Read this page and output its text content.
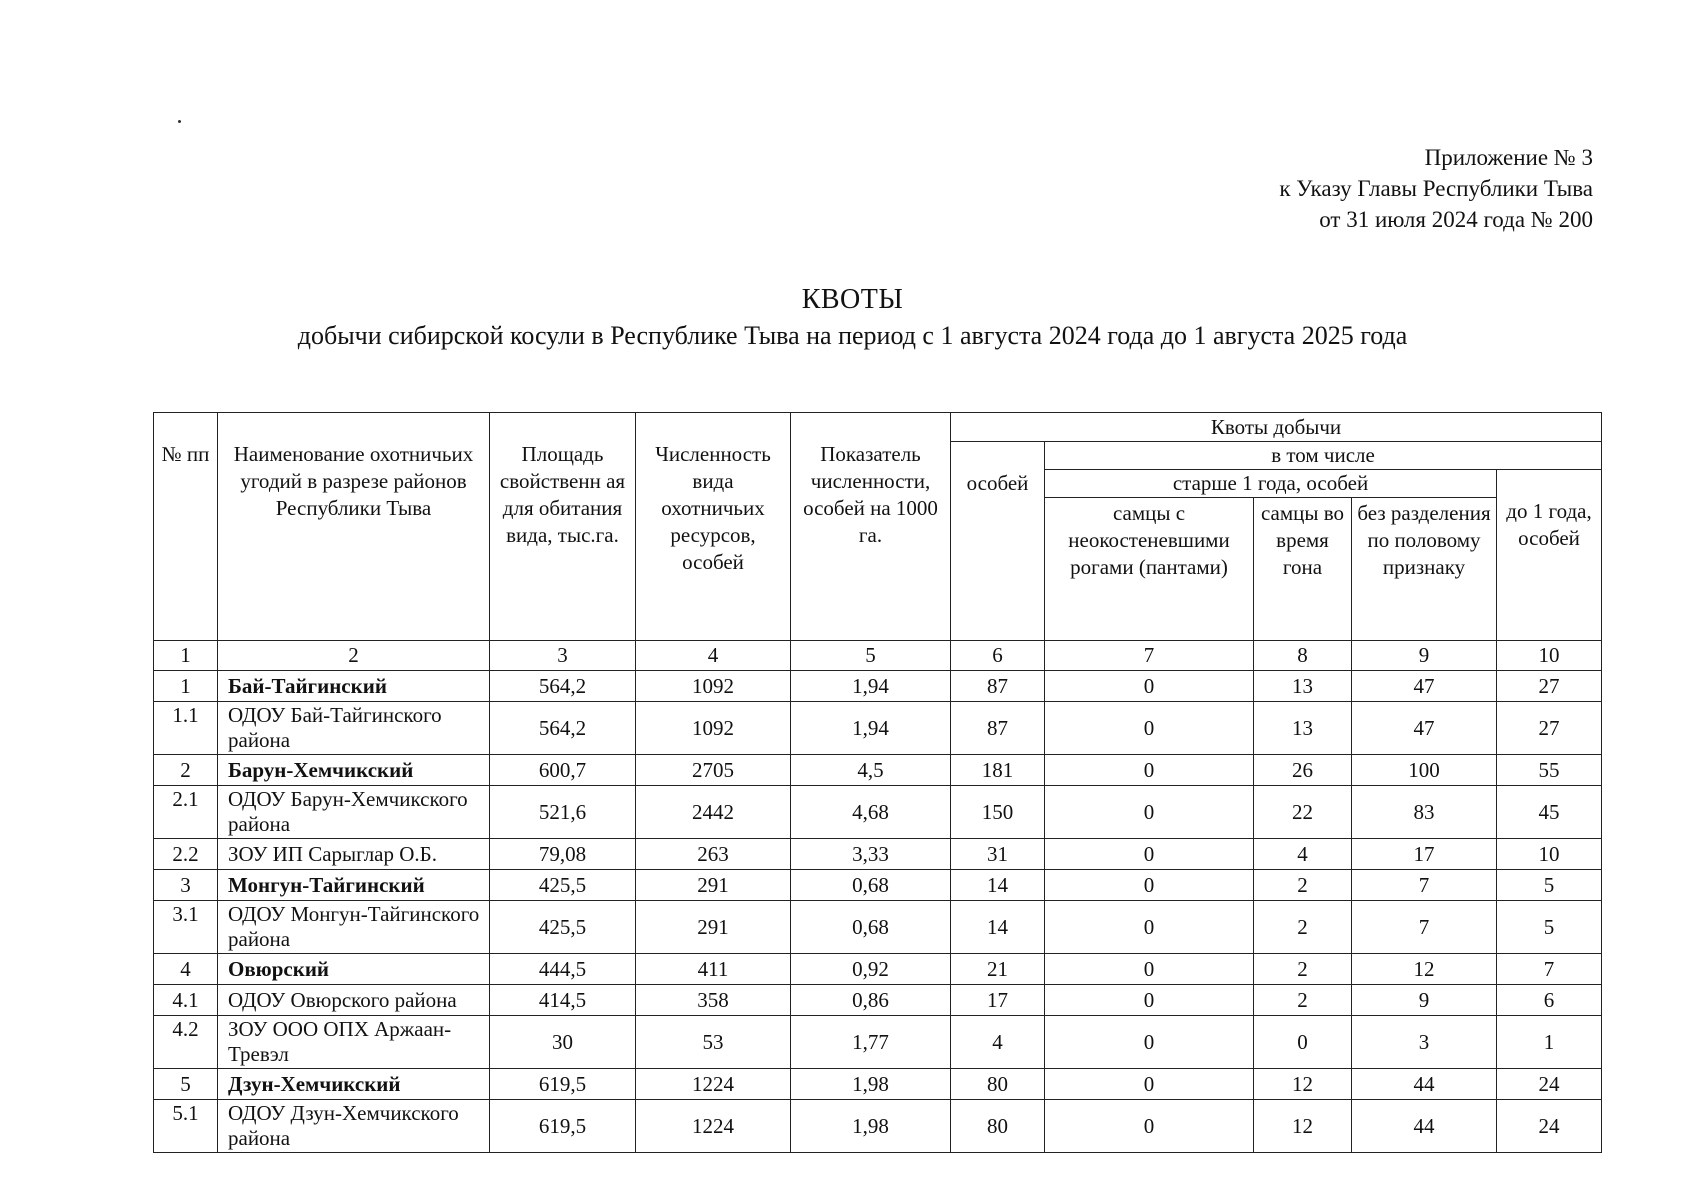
Приложение № 3
к Указу Главы Республики Тыва
от 31 июля 2024 года № 200
КВОТЫ
добычи сибирской косули в Республике Тыва на период с 1 августа 2024 года до 1 августа 2025 года
№ пп	Наименование охотничьих угодий в разрезе районов Республики Тыва	Площадь свойственн ая для обитания вида, тыс.га.	Численность вида охотничьих ресурсов, особей	Показатель численности, особей на 1000 га.	Квоты добычи				
					особей	в том числе			
						старше 1 года, особей			до 1 года, особей
						самцы с неокостеневшими рогами (пантами)	самцы во время гона	без разделения по половому признаку	
1	2	3	4	5	6	7	8	9	10
1	Бай-Тайгинский	564,2	1092	1,94	87	0	13	47	27
1.1	ОДОУ Бай-Тайгинского района	564,2	1092	1,94	87	0	13	47	27
2	Барун-Хемчикский	600,7	2705	4,5	181	0	26	100	55
2.1	ОДОУ Барун-Хемчикского района	521,6	2442	4,68	150	0	22	83	45
2.2	ЗОУ ИП Сарыглар О.Б.	79,08	263	3,33	31	0	4	17	10
3	Монгун-Тайгинский	425,5	291	0,68	14	0	2	7	5
3.1	ОДОУ Монгун-Тайгинского района	425,5	291	0,68	14	0	2	7	5
4	Овюрский	444,5	411	0,92	21	0	2	12	7
4.1	ОДОУ Овюрского района	414,5	358	0,86	17	0	2	9	6
4.2	ЗОУ ООО ОПХ Аржаан-Тревэл	30	53	1,77	4	0	0	3	1
5	Дзун-Хемчикский	619,5	1224	1,98	80	0	12	44	24
5.1	ОДОУ Дзун-Хемчикского района	619,5	1224	1,98	80	0	12	44	24
